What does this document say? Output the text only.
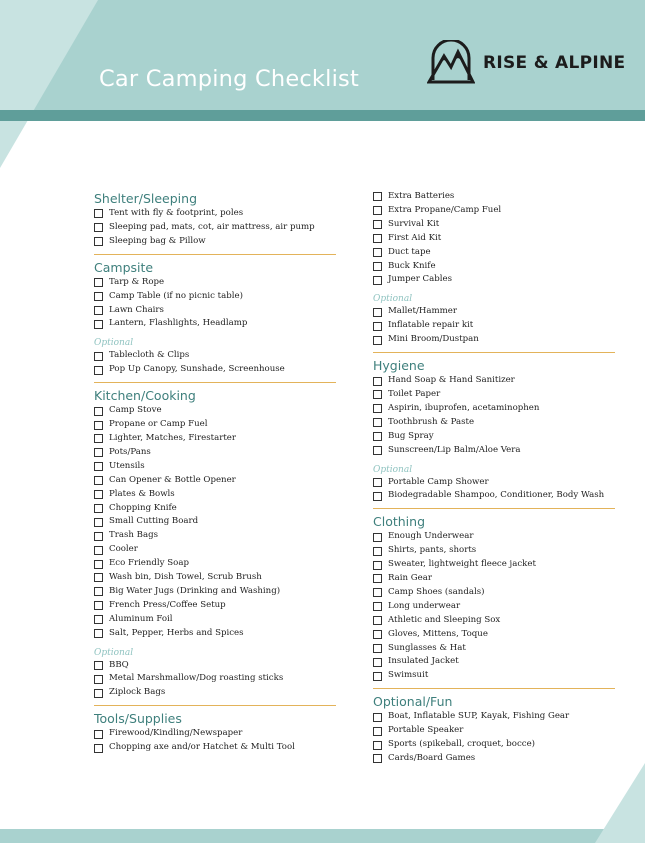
Car Camping Checklist
RISE & ALPINE
Shelter/Sleeping
Tent with fly & footprint, poles
Sleeping pad, mats, cot, air mattress, air pump
Sleeping bag & Pillow
Campsite
Tarp & Rope
Camp Table (if no picnic table)
Lawn Chairs
Lantern, Flashlights, Headlamp
Optional
Tablecloth & Clips
Pop Up Canopy, Sunshade, Screenhouse
Kitchen/Cooking
Camp Stove
Propane or Camp Fuel
Lighter, Matches, Firestarter
Pots/Pans
Utensils
Can Opener & Bottle Opener
Plates & Bowls
Chopping Knife
Small Cutting Board
Trash Bags
Cooler
Eco Friendly Soap
Wash bin, Dish Towel, Scrub Brush
Big Water Jugs (Drinking and Washing)
French Press/Coffee Setup
Aluminum Foil
Salt, Pepper, Herbs and Spices
Optional
BBQ
Metal Marshmallow/Dog roasting sticks
Ziplock Bags
Tools/Supplies
Firewood/Kindling/Newspaper
Chopping axe and/or Hatchet & Multi Tool
Extra Batteries
Extra Propane/Camp Fuel
Survival Kit
First Aid Kit
Duct tape
Buck Knife
Jumper Cables
Optional
Mallet/Hammer
Inflatable repair kit
Mini Broom/Dustpan
Hygiene
Hand Soap & Hand Sanitizer
Toilet Paper
Aspirin, ibuprofen, acetaminophen
Toothbrush & Paste
Bug Spray
Sunscreen/Lip Balm/Aloe Vera
Optional
Portable Camp Shower
Biodegradable Shampoo, Conditioner, Body Wash
Clothing
Enough Underwear
Shirts, pants, shorts
Sweater, lightweight fleece jacket
Rain Gear
Camp Shoes (sandals)
Long underwear
Athletic and Sleeping Sox
Gloves, Mittens, Toque
Sunglasses & Hat
Insulated Jacket
Swimsuit
Optional/Fun
Boat, Inflatable SUP, Kayak, Fishing Gear
Portable Speaker
Sports (spikeball, croquet, bocce)
Cards/Board Games
